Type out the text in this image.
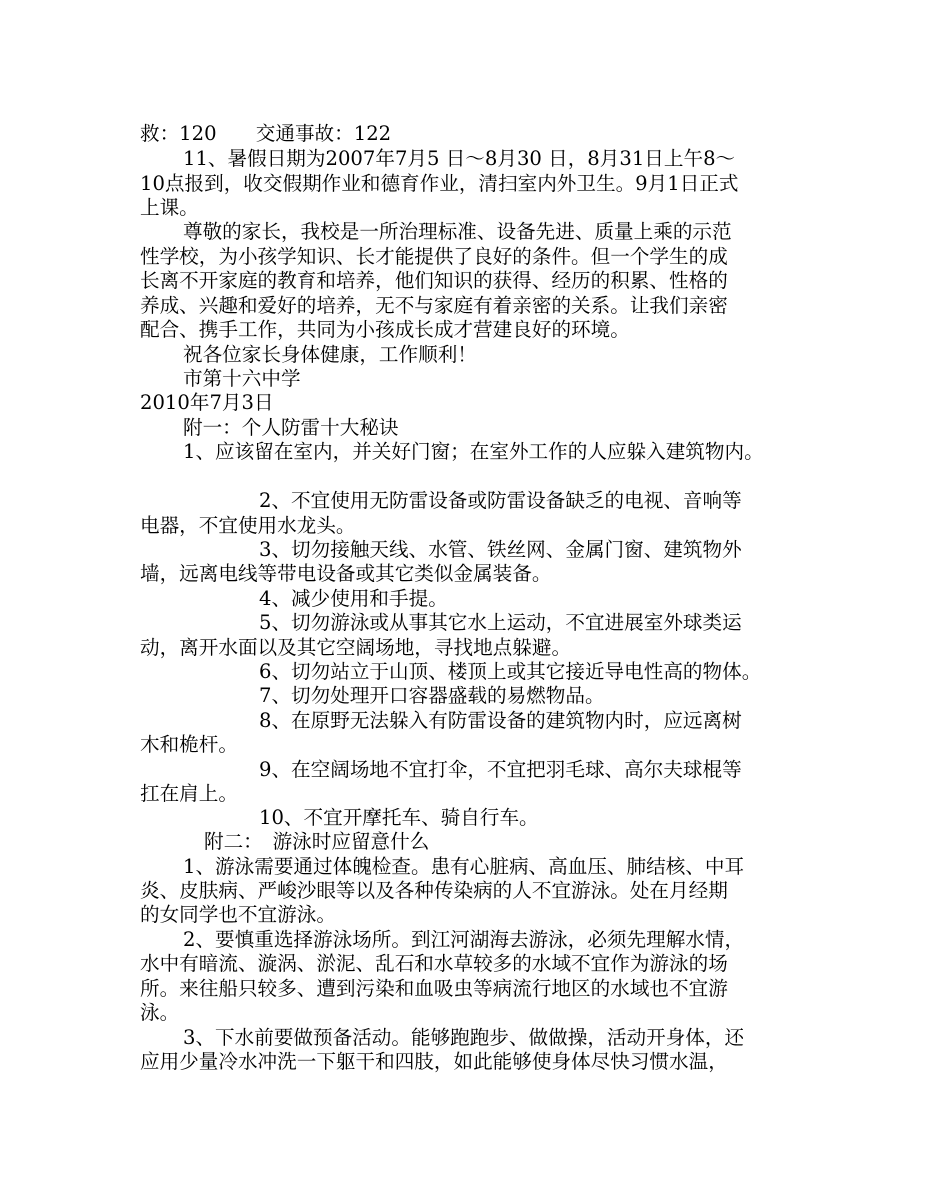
救：120　　交通事故：122
11、暑假日期为2007年7月5 日～8月30 日，8月31日上午8～
10点报到，收交假期作业和德育作业，清扫室内外卫生。9月1日正式
上课。
尊敬的家长，我校是一所治理标准、设备先进、质量上乘的示范
性学校，为小孩学知识、长才能提供了良好的条件。但一个学生的成
长离不开家庭的教育和培养，他们知识的获得、经历的积累、性格的
养成、兴趣和爱好的培养，无不与家庭有着亲密的关系。让我们亲密
配合、携手工作，共同为小孩成长成才营建良好的环境。
祝各位家长身体健康，工作顺利！
市第十六中学
2010年7月3日
附一：个人防雷十大秘诀
1、应该留在室内，并关好门窗；在室外工作的人应躲入建筑物内。
2、不宜使用无防雷设备或防雷设备缺乏的电视、音响等
电器，不宜使用水龙头。
3、切勿接触天线、水管、铁丝网、金属门窗、建筑物外
墙，远离电线等带电设备或其它类似金属装备。
4、减少使用和手提。
5、切勿游泳或从事其它水上运动，不宜进展室外球类运
动，离开水面以及其它空阔场地，寻找地点躲避。
6、切勿站立于山顶、楼顶上或其它接近导电性高的物体。
7、切勿处理开口容器盛载的易燃物品。
8、在原野无法躲入有防雷设备的建筑物内时，应远离树
木和桅杆。
9、在空阔场地不宜打伞，不宜把羽毛球、高尔夫球棍等
扛在肩上。
10、不宜开摩托车、骑自行车。
附二：　游泳时应留意什么
1、游泳需要通过体魄检查。患有心脏病、高血压、肺结核、中耳
炎、皮肤病、严峻沙眼等以及各种传染病的人不宜游泳。处在月经期
的女同学也不宜游泳。
2、要慎重选择游泳场所。到江河湖海去游泳，必须先理解水情，
水中有暗流、漩涡、淤泥、乱石和水草较多的水域不宜作为游泳的场
所。来往船只较多、遭到污染和血吸虫等病流行地区的水域也不宜游
泳。
3、下水前要做预备活动。能够跑跑步、做做操，活动开身体，还
应用少量冷水冲洗一下躯干和四肢，如此能够使身体尽快习惯水温，
